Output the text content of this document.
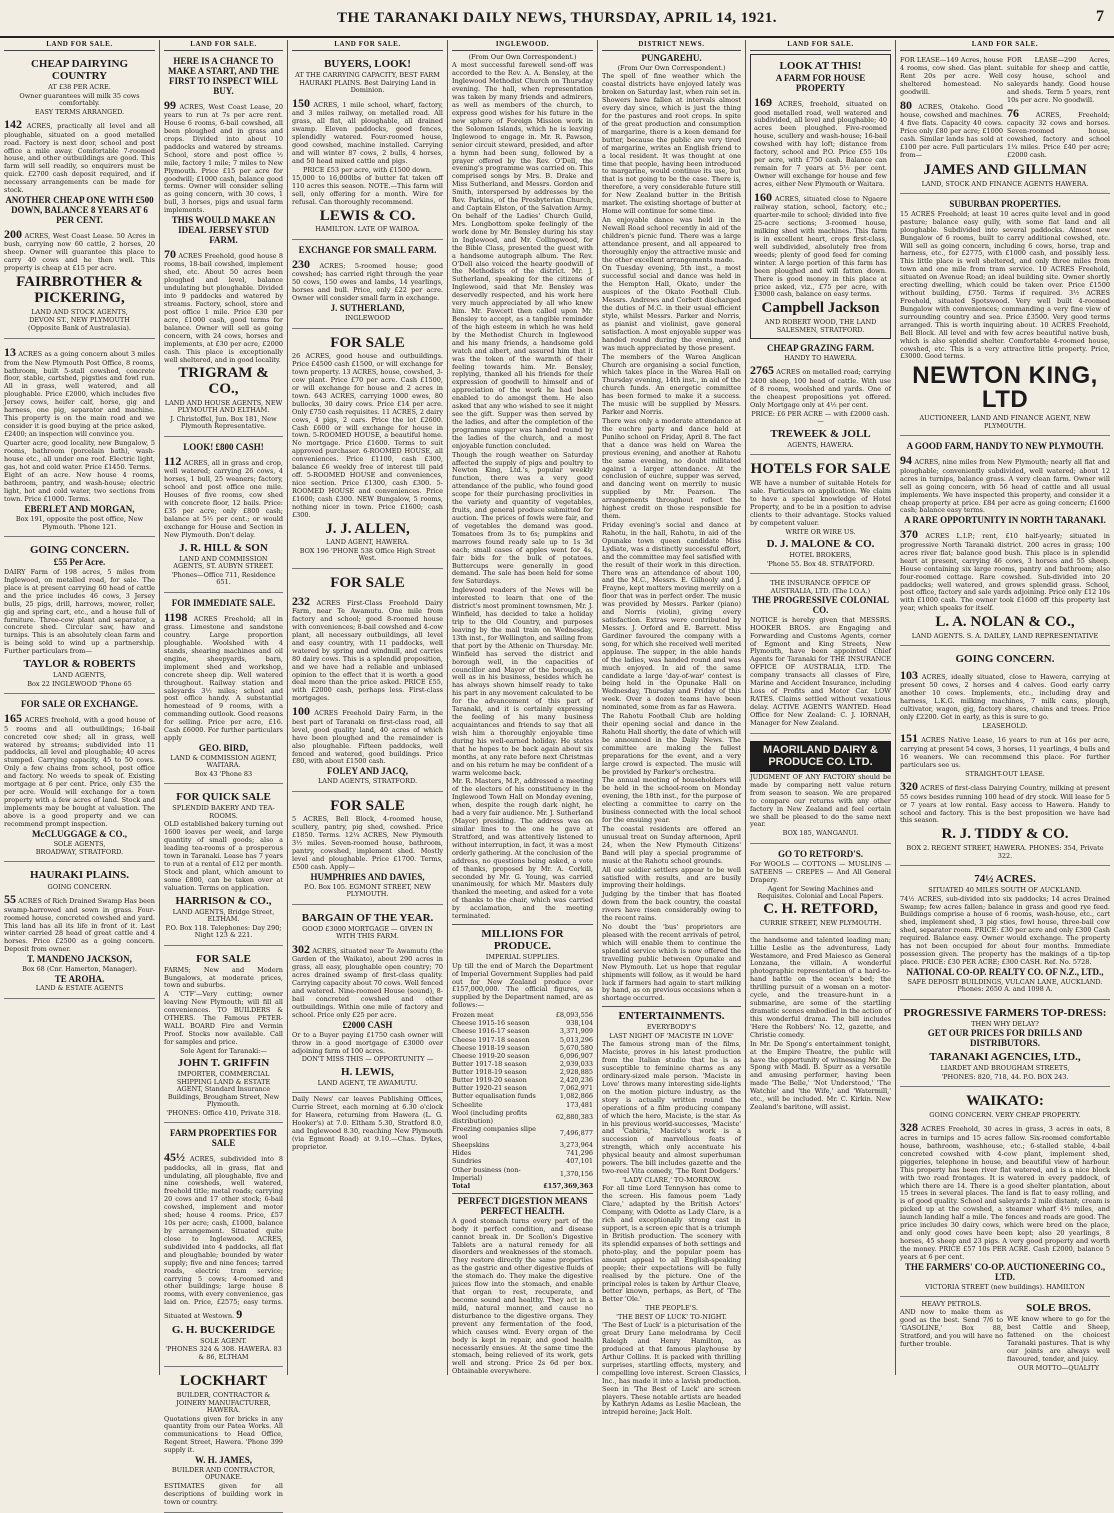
THE TARANAKI DAILY NEWS, THURSDAY, APRIL 14, 1921.	7
LAND FOR SALE.
CHEAP DAIRYING COUNTRY
AT £38 PER ACRE.
Owner guarantees will milk 35 cows comfortably.
EASY TERMS ARRANGED.
142 ACRES, practically all level and all ploughable, situated on a good metalled road. Factory is next door, school and post office a mile away. Comfortable 7-roomed house, and other outbuildings are good. This farm will sell readily, so enquirers must be quick. £2700 cash deposit required, and if necessary arrangements can be made for stock.
ANOTHER CHEAP ONE WITH £500 DOWN, BALANCE 8 YEARS AT 6 PER CENT.
200 ACRES, West Coast Lease. 50 Acres in bush, carrying now 60 cattle, 2 horses, 20 sheep. Owner will guarantee this place to carry 40 cows and he then well. This property is cheap at £15 per acre.
FAIRBROTHER & PICKERING,
LAND AND STOCK AGENTS,
DEVON ST., NEW PLYMOUTH
(Opposite Bank of Australasia).
13 ACRES as a going concern about 3 miles from the New Plymouth Post Office, 8 rooms, bathroom, built 5-stall cowshed, concrete floor, stable, cartshed, pigsties and fowl run. All in grass, well watered, and all ploughable. Price £2000, which includes five Jersey cows, heifer calf, horse, gig and harness, one pig, separator and machine. This property is on the main road and we consider it is good buying at the price asked, £2400; an inspection will convince you.
Quarter acre, good locality, new Bungalow, 5 rooms, bathroom (porcelain bath), wash-house etc., all under one roof. Electric light, gas, hot and cold water. Price £1450. Terms.
Eight of an acre. New house 4 rooms, bathroom, pantry, and wash-house; electric light, hot and cold water, two sections from town. Price £1000. Terms.
EBERLET AND MORGAN,
Box 191, opposite the post office, New Plymouth. 'Phone 121.
GOING CONCERN.
£55 Per Acre.
DAIRY Farm of 198 acres, 5 miles from Inglewood, on metalled road, for sale. The place is at present carrying 60 head of cattle and the price includes 46 cows, 3 Jersey bulls, 25 pigs, drill, harrows, mower, roller, gig and spring cart, etc., and a house full of furniture. Three-cow plant and separator, a concrete shed. Circular saw, haw and turnips. This is an absolutely clean farm and is being sold to wind up a partnership. Further particulars from—
TAYLOR & ROBERTS
LAND AGENTS,
Box 22 INGLEWOOD 'Phone 65
FOR SALE OR EXCHANGE.
165 ACRES freehold, with a good house of 5 rooms and all outbuildings; 16-bail concreted cow shed; all in grass, well watered by streams; subdivided into 11 paddocks, all level and ploughable; 40 acres stumped. Carrying capacity, 45 to 50 cows. Only a few chains from school, post office and factory. No weeds to speak of. Existing mortgage at 6 per cent. Price, only £35 the per acre. Would will exchange for a town property with a few acres of land. Stock and implements may be bought at valuation. The above is a good property and we can recommend prompt inspection.
McCLUGGAGE & CO.,
SOLE AGENTS,
BROADWAY, STRATFORD.
HAURAKI PLAINS.
GOING CONCERN.
55 ACRES of Rich Drained Swamp Has been swamp-harrowed and sown in grass. Four-roomed house, concreted cowshed and yard. This land has all its life in front of it. Last winter carried 28 head of great cattle and 4 horses. Price £2500 as a going concern. Deposit from owner.
T. MANDENO JACKSON,
Box 68 (Cnr. Hamerton, Manager).
TE AROHA.
LAND & ESTATE AGENTS
LAND FOR SALE.
HERE IS A CHANCE TO MAKE A START, AND THE FIRST TO INSPECT WILL BUY.
99 ACRES, West Coast Lease, 20 years to run at 7s per acre rent. House 6 rooms, 6-bail cowshed, all been ploughed and in grass and crops. Divided into about 10 paddocks and watered by streams. School, store and post office ½ mile, factory 1 mile; 7 miles to New Plymouth. Price £15 per acre for goodwill; £1000 cash, balance good terms. Owner will consider selling as going concern, with 30 cows, 1 bull, 3 horses, pigs and usual farm implements.
THIS WOULD MAKE AN IDEAL JERSEY STUD FARM.
70 ACRES Freehold, good house 8 rooms, 18-bail cowshed, implement shed, etc. About 50 acres been ploughed and level, balance undulating but ploughable. Divided into 9 paddocks and watered by streams. Factory, school, store and post office 1 mile. Price £30 per acre, £1000 cash, good terms for balance. Owner will sell as going concern, with 24 cows, horses and implements, at £30 per acre, £2000 cash. This place is exceptionally well sheltered, and in good locality.
TRIGRAM & CO.,
LAND AND HOUSE AGENTS, NEW PLYMOUTH AND ELTHAM.
J. Christoffel, Jun. Box 181, New Plymouth Representative.
LOOK! £800 CASH!
112 ACRES, all in grass and crop, well watered; carrying 26 cows, 4 horses, 1 bull, 25 weaners; factory, school and post office one mile. Houses of five rooms, cow shed with concrete floor, 12 bails. Price: £35 per acre; only £800 cash; balance at 5½ per cent.; or would exchange for House and Section in New Plymouth. Don't delay.
J. R. HILL & SON
LAND AND COMMISSION AGENTS, ST. AUBYN STREET.
'Phones—Office 711, Residence 651.
FOR IMMEDIATE SALE.
1198 ACRES Freehold; all in grass. Limestone and sandstone country. Large proportion ploughable. Woolshed with 4 stands, shearing machines and oil engine, sheepyards, barn, implement shed and workshop, concrete sheep dip. Well watered throughout. Railway station and saleyards 3½ miles; school and post office handy. A substantial homestead of 9 rooms, with a commanding outlook. Good reasons for selling. Price per acre, £16. Cash £6000. For further particulars apply
GEO. BIRD,
LAND & COMMISSION AGENT, WAITARA.
Box 43 'Phone 83
FOR QUICK SALE
SPLENDID BAKERY AND TEA-ROOMS.
OLD established bakery turning out 1600 loaves per week, and large quantity of small goods; also a leading tea-rooms of a prosperous town in Taranaki. Lease has 7 years to run at a rental of £12 per month. Stock and plant, which amount to some £800, can be taken over at valuation. Terms on application.
HARRISON & CO.,
LAND AGENTS, Bridge Street, ELTHAM.
P.O. Box 118. Telephones: Day 290; Night 123 & 221.
FOR SALE
FARMS; New and Modern Bungalows, at moderate prices, town and suburbs.
A 'CTF'—Very cutting; owner leaving New Plymouth; will fill all conveniences. TO BUILDERS & OTHERS. The Famous PETER-WALL BOARD Fire and Vermin Proof. Stocks now available. Call for samples and price.
Sole Agent for Taranaki:—
JOHN T. GRIFFIN
IMPORTER, COMMERCIAL SHIPPING LAND & ESTATE AGENT, Standard Insurance Buildings, Brougham Street, New Plymouth.
'PHONES: Office 410, Private 318.
FARM PROPERTIES FOR SALE
45½ ACRES, subdivided into 8 paddocks, all in grass, flat and undulating, all ploughable, five and nine cowsheds, well watered, freehold title; metal roads; carrying 20 cows and 17 other stock; 6-bail cowshed, implement and motor shed; house 4 rooms. Price, £57 10s per acre; cash, £1000, balance by arrangement. Situated quite close to Inglewood. ACRES, subdivided into 4 paddocks, all flat and ploughable; bounded by water supply; five and nine fences; tarred roads, electric tram service; carrying 5 cows; 4-roomed and other buildings; large house 8 rooms, with every convenience, gas laid on. Price, £2575; easy terms. Situated at Westown. 9
G. H. BUCKERIDGE
SOLE AGENT.
'PHONES 324 & 308. HAWERA. 83 & 86, ELTHAM
LOCKHART
BUILDER, CONTRACTOR & JOINERY MANUFACTURER, HAWERA.
Quotations given for bricks in any quantity from our Patea Works. All communications to Head Office, Regent Street, Hawera. 'Phone 399 supply it.
W. H. JAMES,
BUILDER AND CONTRACTOR, OPUNAKE.
ESTIMATES given for all descriptions of building work in town or country.
LAND FOR SALE.
BUYERS, LOOK!
AT THE CARRYING CAPACITY, BEST FARM HAURAKI PLAINS. Best Dairying Land in Dominion.
150 ACRES, 1 mile school, wharf, factory, and 3 miles railway, on metalled road. All grass, all flat, all ploughable, all drained swamp. Eleven paddocks, good fences, splendidly watered. Four-roomed house, good cowshed, machine installed. Carrying and will winter 87 cows, 2 bulls, 4 horses, and 50 head mixed cattle and pigs.
PRICE £53 per acre, with £1500 down.
15,000 to 16,000lbs of butter fat taken off 110 acres this season. NOTE.—This farm will sell, only offering for a month. Wire for refusal. Can thoroughly recommend.
LEWIS & CO.
HAMILTON. LATE OF WAIROA.
EXCHANGE FOR SMALL FARM.
230 ACRES; 5-roomed house; good cowshed; has carried right through the year 50 cows, 150 ewes and lambs, 14 yearlings, horses and bull. Price, only £22 per acre. Owner will consider small farm in exchange.
J. SUTHERLAND,
INGLEWOOD
FOR SALE
26 ACRES, good house and outbuildings. Price £4500 cash £1500, or will exchange for town property. 13 ACRES, house, cowshed, 3-cow plant. Price £70 per acre. Cash £1500, or will exchange for house and 2 acres in town. 643 ACRES, carrying 1000 ewes, 80 bullocks, 30 dairy cows. Price £14 per acre. Only £750 cash requisites. 11 ACRES, 2 dairy cows, 4 pigs, 2 cars. Price the lot £2600. Cash £600 or will exchange for house in town. 5-ROOMED HOUSE, a beautiful home. No mortgage. Price £1600. Terms to suit approved purchaser. 6-ROOMED HOUSE, all conveniences. Price £1100, cash £300, balance £6 weekly free of interest till paid off. 5-ROOMED HOUSE and conveniences, nice section. Price £1300, cash £300. 5-ROOMED HOUSE and conveniences. Price £1600; cash £300. NEW Bungalow, 5 rooms, nothing nicer in town. Price £1600; cash £300.
J. J. ALLEN,
LAND AGENT, HAWERA.
BOX 196 'PHONE 538 Office High Street West.
FOR SALE
232 ACRES First-Class Freehold Dairy Farm, near Te Awamutu. One mile from factory and school; good 8-roomed house with conveniences; 8-bail cowshed and 4-cow plant, all necessary outbuildings, all level and easy country, with 11 paddocks, well watered by spring and windmill, and carries 80 dairy cows. This is a splendid proposition, and we have had a reliable and unbiased opinion to the effect that it is worth a good deal more than the price asked. PRICE £55, with £2000 cash, perhaps less. First-class mortgages.
100 ACRES Freehold Dairy Farm, in the best part of Taranaki on first-class road, all level, good quality land, 40 acres of which have been ploughed and the remainder is also ploughable. Fifteen paddocks, well fenced and watered, good buildings. Price £80, with about £1500 cash.
FOLEY AND JACQ,
LAND AGENTS, STRATFORD.
FOR SALE
5 ACRES, Bell Block, 4-roomed house, scullery, pantry, pig shed, cowshed. Price £1850. Terms. 12¼ ACRES, New Plymouth 3½ miles. Seven-roomed house, bathroom, pantry, cowshed, implement shed. Mostly level and ploughable. Price £1700. Terms, £500 cash. Apply—
HUMPHRIES AND DAVIES,
P.O. Box 105. EGMONT STREET, NEW PLYMOUTH.
BARGAIN OF THE YEAR.
GOOD £3000 MORTGAGE — GIVEN IN WITH THIS FARM.
302 ACRES, situated near Te Awamutu (the Garden of the Waikato), about 290 acres in grass, all easy, ploughable open country; 70 acres drained swamp of first-class quality. Carrying capacity about 70 cows. Well fenced and watered. Nine-roomed House (sound), 8-bail concreted cowshed and other outbuildings. Within one mile of factory and school. Price only £25 per acre.
£2000 CASH
Or to a Buyer paying £1750 cash owner will throw in a good mortgage of £3000 over adjoining farm of 100 acres.
DON'T MISS THIS — OPPORTUNITY —
H. LEWIS,
LAND AGENT, TE AWAMUTU.
Daily News' car leaves Publishing Offices, Currie Street, each morning at 6.30 o'clock for Hawera, returning from Hawera (L. G. Hooker's) at 7.0. Eltham 5.30, Stratford 8.0, and Inglewood 8.30, reaching New Plymouth (via Egmont Road) at 9.10.—Chas. Dykes, proprietor.
INGLEWOOD.
(From Our Own Correspondent.)
A most successful farewell send-off was accorded to the Rev. A. A. Bensley, at the Inglewood Methodist Church on Thursday evening. The hall, when representation was taken by many friends and admirers, as well as members of the church, to express good wishes for his future in the new sphere of Foreign Mission work in the Solomon Islands, which he is leaving Inglewood to engage in. Mr. R. Pawson, senior circuit steward, presided, and after a hymn had been sung, followed by a prayer offered by the Rev. O'Dell, the evening's programme was carried on. This comprised songs by Mrs. B. Drake and Miss Sutherland, and Messrs. Gordon and Smith, interspersed by addresses by the Rev. Parkins, of the Presbyterian Church, and Captain Elston, of the Salvation Army. On behalf of the Ladies' Church Guild, Mrs. Longbottom spoke feelingly of the work done by Mr. Bensley during his stay in Inglewood, and Mr. Collingwood, for the Bible Class, presented the guest with a handsome autograph album. The Rev. O'Dell also voiced the hearty goodwill of the Methodists of the district. Mr. J. Sutherland, speaking for the citizens of Inglewood, said that Mr. Bensley was deservedly respected, and his work here very much appreciated by all who knew him. Mr. Fawcett then called upon Mr. Bensley to accept, as a tangible reminder of the high esteem in which he was held by the Methodist Church in Inglewood and his many friends, a handsome gold watch and albert, and assured him that it was the token of the warmth of their feeling towards him. Mr. Bensley, replying, thanked all his friends for their expression of goodwill to himself and of appreciation of the work he had been enabled to do amongst them. He also asked that any who wished to see it might see the gift. Supper was then served by the ladies, and after the completion of the programme supper was handed round by the ladies of the church, and a most enjoyable function concluded.
Though the rough weather on Saturday affected the supply of pigs and poultry to Newton King, Ltd.'s, popular weekly function, there was a very good attendance of the public, who found good scope for their purchasing proclivities in the variety and quantity of vegetables, fruits, and general produce submitted for auction. The prices of fowls were fair, and of vegetables the demand was good. Tomatoes from 3s to 6s; pumpkins and marrows found ready sale up to 1s 3d each; small cases of apples went for 4s, fair bids for the bulk of potatoes. Buttercups were generally in good demand. The sale has been held for some few Saturdays.
Inglewood readers of the News will be interested to learn that one of the district's most prominent townsmen, Mr. J. Winfield, has decided to take a holiday trip to the Old Country, and purposes leaving by the mail train on Wednesday, 13th inst., for Wellington, and sailing from that port by the Athenic on Thursday. Mr. Winfield has served the district and borough well, in the capacities of councillor and Mayor of the borough, as well as in his business, besides which he has always shown himself ready to take his part in any movement calculated to be for the advancement of this part of Taranaki, and it is certainly expressing the feeling of his many business acquaintances and friends to say that all wish him a thoroughly enjoyable time during his well-earned holiday. He states that he hopes to be back again about six months, at any rate before next Christmas and on his return he may be confident of a warm welcome back.
Mr. R. Masters, M.P., addressed a meeting of the electors of his constituency in the Inglewood Town Hall on Monday evening, when, despite the rough dark night, he had a very fair audience. Mr. J. Sutherland (Mayor) presiding. The address was on similar lines to the one he gave at Stratford, and was attentively listened to without interruption, in fact, it was a most orderly gathering. At the conclusion of the address, no questions being asked, a vote of thanks, proposed by Mr. A. Corkill, seconded by Mr. G. Young, was carried unanimously, for which Mr. Masters duly thanked the meeting, and asked for a vote of thanks to the chair, which was carried by acclamation, and the meeting terminated.
MILLIONS FOR PRODUCE.
IMPERIAL SUPPLIES.
Up till the end of March the Department of Imperial Government Supplies had paid out for New Zealand produce over £157,000,000. The official figures, as supplied by the Department named, are as follows:—
Frozen meat	£8,093,556
Cheese 1915-16 season	938,104
Cheese 1916-17 season	3,371,909
Cheese 1917-18 season	5,013,296
Cheese 1918-19 season	5,670,580
Cheese 1919-20 season	6,096,907
Butter 1917-18 season	2,939,033
Butter 1918-19 season	2,928,885
Butter 1919-20 season	2,420,236
Butter 1920-21 season	7,062,971
Butter equalisation funds	1,082,866
Scheelite	173,481
Wool (including profits distribution)	62,880,383
Freezing companies slipe wool	7,496,877
Sheepskins	3,273,964
Hides	741,296
Sundries	407,101
Other business (non-Imperial)	1,370,156
Total	£157,369,363
PERFECT DIGESTION MEANS PERFECT HEALTH.
A good stomach turns every part of the body it perfect condition, and disease cannot break in. Dr Scollon's Digestive Tablets are a natural remedy for all disorders and weaknesses of the stomach. They restore directly the same properties as the gastric and other digestive fluids of the stomach do. They make the digestive juices flow into the stomach, and enable that organ to rest, recuperate, and become sound and healthy. They act in a mild, natural manner, and cause no disturbance to the digestive organs. They prevent any fermentation of the food, which causes wind. Every organ of the body is kept in repair, and good health necessarily ensues. At the same time the stomach, being relieved of its work, gets well and strong. Price 2s 6d per box. Obtainable everywhere.
DISTRICT NEWS.
PUNGAREHU.
(From Our Own Correspondent.)
The spell of fine weather which the coastal districts have enjoyed lately was broken on Saturday last, when rain set in. Showers have fallen at intervals almost every day since, which is just the thing for the pastures and root crops. In spite of the great production and consumption of margarine, there is a keen demand for butter, because the public are very tired of margarine, writes an English friend to a local resident. It was thought at one time that people, having been introduced to margarine, would continue its use, but that is not going to be the case. There is, therefore, a very considerable future still for New Zealand butter in the British market. The existing shortage of butter at Home will continue for some time.
An enjoyable dance was held in the Newall Road school recently in aid of the children's picnic fund. There was a large attendance present, and all appeared to thoroughly enjoy the attractive music and the other excellent arrangements made.
On Tuesday evening, 5th inst., a most successful social and dance was held in the Hempton Hall, Okato, under the auspices of the Okato Football Club. Messrs. Andrews and Corbett discharged the duties of M.C. in their usual efficient style, whilst Messrs. Parker and Norris, as pianist and violinist, gave general satisfaction. A most enjoyable supper was handed round during the evening, and was much appreciated by those present.
The members of the Warea Anglican Church are organising a social function, which takes place in the Warea Hall on Thursday evening, 14th inst., in aid of the church funds. An energetic committee has been formed to make it a success. The music will be supplied by Messrs. Parker and Norris.
There was only a moderate attendance at the euchre party and dance held at Puniho school on Friday, April 8. The fact that a dance was held on Warea the previous evening, and another at Rahotu the same evening, no doubt militated against a larger attendance. At the conclusion of euchre, supper was served, and dancing went on merrily to music supplied by Mr. Pearson. The arrangements throughout reflect the highest credit on those responsible for them.
Friday evening's social and dance at Rahotu, in the hall, Rahotu, in aid of the Opunake town queen candidate Miss Lydiate, was a distinctly successful effort, and the committee may feel satisfied with the result of their work in this direction. There was an attendance of about 100, and the M.C., Messrs. E. Gilhooly and J. Frayne, kept matters moving merrily on a floor that was in perfect order. The music was provided by Messrs. Parker (piano) and Norris (violin), giving every satisfaction. Extras were contributed by Messrs. J. Orford and E. Barrett. Miss Gardiner favoured the company with a song, for which she received well merited applause. The supper, in the able hands of the ladies, was handed round and was much enjoyed. In aid of the same candidate a large 'day-of-war' contest is being held in the Opunake Hall on Wednesday, Thursday and Friday of this week. Over a dozen teams have been nominated, some from as far as Hawera.
The Rahotu Football Club are holding their opening social and dance in the Rahotu Hall shortly, the date of which will be announced in the Daily News. The committee are making the fullest preparations for the event, and a very large crowd is expected. The music will be provided by Parker's orchestra.
The annual meeting of householders will be held in the school-room on Monday evening, the 18th inst., for the purpose of electing a committee to carry on the business connected with the local school for the ensuing year.
The coastal residents are offered an unusual treat on Sunday afternoon, April 24, when the New Plymouth Citizens' Band will play a special programme of music at the Rahotu school grounds.
All our soldier settlers appear to be well satisfied with results, and are busily improving their holdings.
Judging by the timber that has floated down from the back country, the coastal rivers have risen considerably owing to the recent rains.
No doubt the 'bus' proprietors are pleased with the recent arrivals of petrol, which will enable them to continue the splendid service which is now offered the travelling public between Opunake and New Plymouth. Let us hope that regular shipments will follow, as it would be hard luck if farmers had again to start milking by hand, as on previous occasions when a shortage occurred.
ENTERTAINMENTS.
EVERYBODY'S
LAST NIGHT OF 'MACISTE IN LOVE'
The famous strong man of the films, Maciste, proves in his latest production from the Italian studio that he is as susceptible to feminine charms as any ordinary-sized male person. 'Maciste in Love' throws many interesting side-lights on the motion picture industry, as the story is actually written round the operations of a film producing company of which the hero, Maciste, is the star. As in his previous world-successes, 'Maciste' and 'Cabiria,' Maciste's work is a succession of marvellous feats of strength, which only accentuate his physical beauty and almost superhuman powers. The bill includes gazette and the two-reel Vita comedy, 'The Rent Dodgers.'
'LADY CLARE,' TO-MORROW.
For all time Lord Tennyson has come to the screen. His famous poem 'Lady Clare,' adapted by the British Actors' Company, with Odette as Lady Clare, is a rich and exceptionally strong cast in support, is a screen epic that is a triumph in British production. The scenery with its splendid expanses of both settings and photo-play, and the popular poem has amount appeal to all English-speaking people; their expectations will be fully realised by the picture. One of the principal roles is taken by Arthur Cleave, better known, perhaps, as Bert, of 'The Better 'Ole.'
THE PEOPLE'S.
'THE BEST OF LUCK' TO-NIGHT.
'The Best of Luck' is a picturisation of the great Drury Lane melodrama by Cecil Raleigh and Henry Hamilton, as produced at that famous playhouse by Arthur Collins. It is packed with thrilling surprises, startling effects, mystery, and compelling love interest. Screen Classics, Inc., has made it into a lavish production. Seen in 'The Best of Luck' are screen players. These notable artists are headed by Kathryn Adams as Leslie Maclean, the intrepid heroine; Jack Holt.
LAND FOR SALE.
LOOK AT THIS!
A FARM FOR HOUSE PROPERTY
169 ACRES, freehold, situated on good metalled road, well watered and subdivided, all level and ploughable; 40 acres been ploughed. Five-roomed house, scullery and wash-house; 16-bail cowshed with hay loft; distance from factory, school and P.O. Price £55 10s per acre, with £750 cash. Balance can remain for 7 years at 5½ per cent. Owner will exchange for house and few acres, either New Plymouth or Waitara.
160 ACRES, situated close to Ngaere railway station, school, factory, etc.; quarter-mile to school; divided into five 25-acre sections; 3-roomed house, milking shed with machines. This farm is in excellent heart, crops first-class, well subdivided, absolutely free from weeds; plenty of good feed for coming winter. A large portion of this farm has been ploughed and will fatten down. There is good money in this place at price asked, viz., £75 per acre, with £3000 cash, balance on easy terms.
Campbell Jackson
AND ROBERT WOOD, THE LAND SALESMEN, STRATFORD.
CHEAP GRAZING FARM.
HANDY TO HAWERA.
2765 ACRES on metalled road; carrying 2400 sheep, 100 head of cattle. With use of 8 rooms, woolshed and yards. One of the cheapest propositions yet offered. Only Mortgage only at 4½ per cent.
PRICE: £6 PER ACRE — with £2000 cash. —
TREWEEK & JOLL
AGENTS, HAWERA.
HOTELS FOR SALE
WE have a number of suitable Hotels for sale. Particulars on application. We claim to have a special knowledge of Hotel Property, and to be in a position to advise clients to their advantage. Stocks valued by competent valuer.
WRITE OR WIRE US.
D. J. MALONE & CO.
HOTEL BROKERS,
'Phone 55. Box 48. STRATFORD.
THE INSURANCE OFFICE OF AUSTRALIA, LTD. (The I.O.A.)
THE PROGRESSIVE COLONIAL CO.
NOTICE is hereby given that MESSRS. HOOKER BROS. are Engaging and Forwarding and Customs Agents, corner of Egmont and King Streets, New Plymouth, have been appointed Chief Agents for Taranaki for THE INSURANCE OFFICE OF AUSTRALIA, LTD. The company transacts all classes of Fire, Marine and Accident Insurance, including Loss of Profits and Motor Car. LOW RATES. Claims settled without vexatious delay. ACTIVE AGENTS WANTED. Head Office for New Zealand: C. J. IORNAH, Manager for New Zealand.
MAORILAND DAIRY & PRODUCE CO. LTD.
JUDGMENT OF ANY FACTORY should be made by comparing nett value return from season to season. We are prepared to compare our returns with any other factory in New Zealand and feel certain we shall be pleased to do the same next year.
BOX 185, WANGANUI.
GO TO RETFORD'S.
For WOOLS — COTTONS — MUSLINS — SATEENS — CREPES — And All General Drapery.
Agent for Sewing Machines and Requisites. Colonial and Local Papers.
C. H. RETFORD,
CURRIE STREET, NEW PLYMOUTH.
the handsome and talented leading man; Lillie Leslie as the adventuress, Lady Westamore, and Fred Maiesco as General Lonzana, the villain. A wonderful photographic representation of a hard-to-hand battle on the ocean's bed; the thrilling pursuit of a woman on a motor-cycle, and the treasure-hunt in a submarine, are some of the startling dramatic scenes embodied in the action of this wonderful drama. The bill includes 'Here the Robbers' No. 12, gazette, and Christie comedy.
In Mr. De Spong's entertainment tonight, at the Empire Theatre, the public will have the opportunity of witnessing Mr. De Spong with Madl. B. Spurr as a versatile and amusing performer, having been made 'The Belle,' 'Not Understood,' 'The Watchie' and 'the Wife,' and 'Watermill,' etc., will be included. Mr. C. Kirkin. New Zealand's baritone, will assist.
LAND FOR SALE.
FOR LEASE—149 Acres, house 4 rooms, cow shed. Gas plant. Rent 20s per acre. Well sheltered homestead. No goodwill.
80 ACRES, Otakeho. Good house, cowshed and machines. 4 five flats. Capacity 40 cows. Price only £80 per acre; £1000 cash. Similar lands has sold at £100 per acre. Full particulars from—
FOR LEASE—290 Acres, suitable for sheep and cattle, cosy house, school and saleyards handy. Good house and sheds. Term 5 years, rent 10s per acre. No goodwill.
76	ACRES, Freehold; capacity 32 cows and horses. Seven-roomed house, cowshed, factory and school 1¼ miles. Price £40 per acre; £2000 cash.
JAMES AND GILLMAN
LAND, STOCK AND FINANCE AGENTS HAWERA.
SUBURBAN PROPERTIES.
15 ACRES Freehold; at least 10 acres quite level and in good pasture; balance easy gully, with some flat land and all ploughable. Subdivided into several paddocks. Almost new Bungalow of 6 rooms, built to carry additional cowshed, etc. Will sell as going concern, including 6 cows, horse, trap and harness, etc., for £2775, with £1000 cash, and possibly less. This little place is well sheltered, and only three miles from town and one mile from tram service. 10 ACRES Freehold, situated on Avenue Road; an ideal building site. Owner shortly erecting dwelling, which could be taken over. Price £1500 without building, £750. Terms if required. 3½ ACRES Freehold, situated Spotswood. Very well built 4-roomed Bungalow with conveniences; commanding a very fine view of surrounding country and sea. Price £3500. Very good terms arranged. This is worth inquiring about. 10 ACRES Freehold, Bell Block. All level and with few acres beautiful native bush, which is also splendid shelter. Comfortable 4-roomed house, cowshed, etc. This is a very attractive little property. Price, £3000. Good terms.
NEWTON KING, LTD
AUCTIONEER, LAND AND FINANCE AGENT, NEW PLYMOUTH.
A GOOD FARM, HANDY TO NEW PLYMOUTH.
94 ACRES, nine miles from New Plymouth; nearly all flat and ploughable; conveniently subdivided, well watered; about 12 acres in turnips, balance grass. A very clean farm. Owner will sell as going concern, with 56 head of cattle and all usual implements. We have inspected this property, and consider it a cheap property at price. £84 per acre as going concern; £1600 cash; balance easy terms.
A RARE OPPORTUNITY IN NORTH TARANAKI.
370 ACRES L.I.P.; rent, £10 half-yearly; situated in progressive North Taranaki district. 200 acres in grass; 100 acres river flat; balance good bush. This place is in splendid heart at present, carrying 46 cows, 3 horses and 55 sheep. House containing six large rooms, pantry and bathroom; also four-roomed cottage. Rare cowshed. Sub-divided into 20 paddocks; well watered, and grows splendid grass. School, post office, factory and sale yards adjoining. Price only £12 10s with £1000 cash. The owner took £1600 off this property last year, which speaks for itself.
L. A. NOLAN & CO.,
LAND AGENTS. S. A. DAILEY, LAND REPRESENTATIVE
GOING CONCERN.
103 ACRES, ideally situated, close to Hawera, carrying at present 50 cows, 2 horses and 4 calves. Good early carry another 10 cows. Implements, etc., including dray and harness, L.K.G. milking machines, 7 milk cans, plough, cultivator, wagon, gig, factory shares, chains and trees. Price only £2200. Get in early, as this is sure to go.
LEASEHOLD.
151 ACRES Native Lease, 16 years to run at 16s per acre, carrying at present 54 cows, 3 horses, 11 yearlings, 4 bulls and 16 weaners. We can recommend this place. For further particulars see us.
STRAIGHT-OUT LEASE.
320 ACRES of first-class Dairying Country, milking at present 55 cows besides running 100 head of dry stock. Will lease for 5 or 7 years at low rental. Easy access to Hawera. Handy to school and factory. This is the best proposition we have had this season.
R. J. TIDDY & CO.
BOX 2. REGENT STREET, HAWERA. PHONES: 354, Private 322.
74½ ACRES.
SITUATED 40 MILES SOUTH OF AUCKLAND.
74½ ACRES, sub-divided into six paddocks; 14 acres Drained Swamp; few acres fallen; balance in grass and good rye feed. Buildings comprise a house of 6 rooms, wash-house, etc., cart shed, implement shed, 3 pig sties, fowl house, three-bail cow shed, separator room. PRICE: £30 per acre and only £300 Cash required. Balance easy. Owner would exchange. The property has not been occupied for about four months. Immediate possession given. The property has the makings of a tip-top place. PRICE: £30 PER ACRE; £300 CASH. Ref. No. 5728.
NATIONAL CO-OP. REALTY CO. OF N.Z., LTD.,
SAFE DEPOSIT BUILDINGS, VULCAN LANE, AUCKLAND. Phones: 2650 A. and 1098 A.
PROGRESSIVE FARMERS TOP-DRESS:
THEN WHY DELAY?
GET OUR PRICES FOR DRILLS AND DISTRIBUTORS.
TARANAKI AGENCIES, LTD.,
LIARDET AND BROUGHAM STREETS,
'PHONES: 820, 718, 44. P.O. BOX 243.
WAIKATO:
GOING CONCERN. VERY CHEAP PROPERTY.
328 ACRES Freehold, 30 acres in grass, 3 acres in oats, 8 acres in turnips and 15 acres fallow. Six-roomed comfortable house, bathroom, washhouse, etc.; 6-stalled stable, 4-bail concreted cowshed with 4-cow plant, implement shed, piggeries, telephone in house, and beautiful view of harbour. This property has been river flat watered, and is a nice block with two road frontages. It is watered in every paddock, of which there are 14. There is a good shelter plantation, about 15 trees in several places. The land is flat to easy rolling, and is of good quality. School and saleyards 2 mile distant; cream is picked up at the cowshed, a steamer wharf 4½ miles, and launch landing half a mile. The fences and roads are good. The price includes 30 dairy cows, which were bred on the place, and only good cows have been kept; also 20 yearlings, 8 horses, 45 sheep and 23 pigs. A very good property and worth the money. PRICE £57 10s PER ACRE. Cash £2000, balance 5 years at 6 per cent.
THE FARMERS' CO-OP. AUCTIONEERING CO., LTD.
VICTORIA STREET (new buildings). HAMILTON
HEAVY PETROLS.
AND now to make them as good as the best. Send 7/6 to 'GASOLINE,' Box 88, Stratford, and you will have no further trouble.
SOLE BROS.
WE know where to go for the best Cattle and Sheep, fattened on the choicest Taranaki pastures. That is why our joints are always well flavoured, tender, and juicy.
OUR MOTTO—QUALITY
